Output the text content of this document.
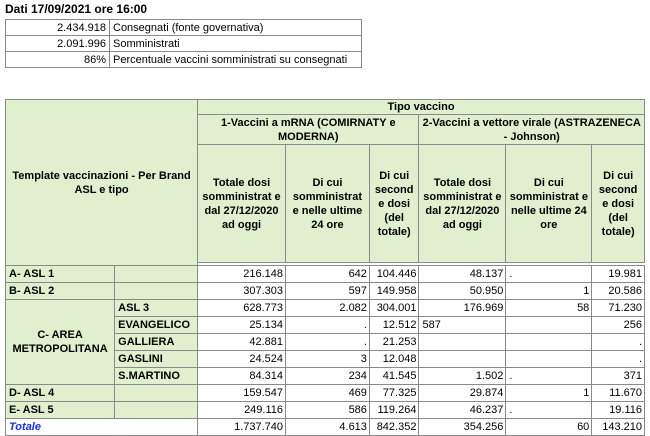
Dati 17/09/2021 ore 16:00
2.434.918	Consegnati (fonte governativa)
2.091.996	Somministrati
86%	Percentuale vaccini somministrati su consegnati
Template vaccinazioni - Per Brand ASL e tipo		Tipo vaccino					
		1-Vaccini a mRNA (COMIRNATY e MODERNA)			2-Vaccini a vettore virale (ASTRAZENECA - Johnson)		
		Totale dosi somministrat e dal 27/12/2020 ad oggi	Di cui somministrat e nelle ultime 24 ore	Di cui second e dosi (del totale)	Totale dosi somministrat e dal 27/12/2020 ad oggi	Di cui somministrat e nelle ultime 24 ore	Di cui second e dosi (del totale)

A- ASL 1		216.148	642	104.446	48.137	.	19.981
B- ASL 2		307.303	597	149.958	50.950	1	20.586
C- AREA METROPOLITANA	ASL 3	628.773	2.082	304.001	176.969	58	71.230
	EVANGELICO	25.134	.	12.512	587		256
	GALLIERA	42.881	.	21.253			.
	GASLINI	24.524	3	12.048			.
	S.MARTINO	84.314	234	41.545	1.502	.	371
D- ASL 4		159.547	469	77.325	29.874	1	11.670
E- ASL 5		249.116	586	119.264	46.237	.	19.116
Totale		1.737.740	4.613	842.352	354.256	60	143.210
